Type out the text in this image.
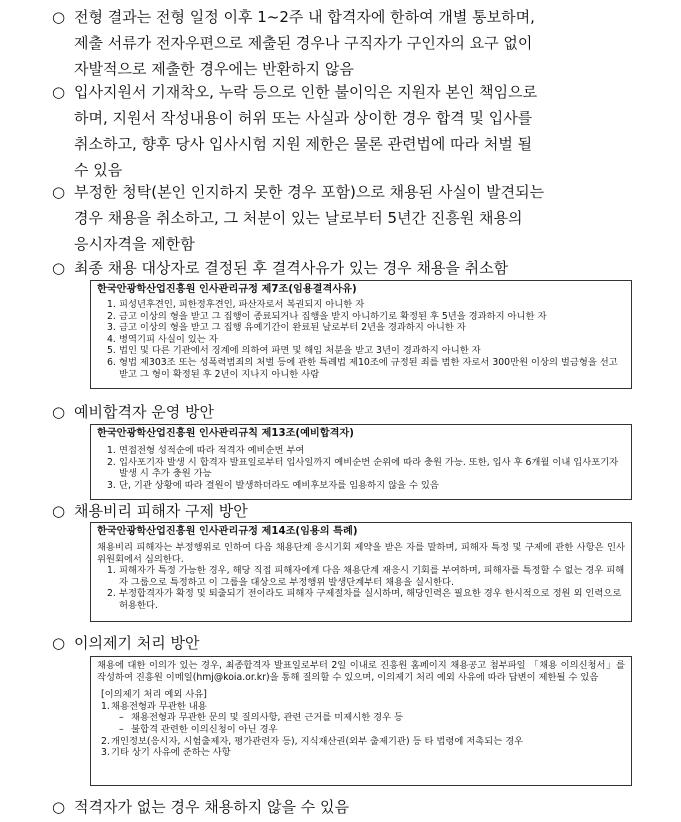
○ 전형 결과는 전형 일정 이후 1~2주 내 합격자에 한하여 개별 통보하며,

제출 서류가 전자우편으로 제출된 경우나 구직자가 구인자의 요구 없이

자발적으로 제출한 경우에는 반환하지 않음

○ 입사지원서 기재착오, 누락 등으로 인한 불이익은 지원자 본인 책임으로

하며, 지원서 작성내용이 허위 또는 사실과 상이한 경우 합격 및 입사를

취소하고, 향후 당사 입사시험 지원 제한은 물론 관련법에 따라 처벌 될

수 있음

○ 부정한 청탁(본인 인지하지 못한 경우 포함)으로 채용된 사실이 발견되는

경우 채용을 취소하고, 그 처분이 있는 날로부터 5년간 진흥원 채용의

응시자격을 제한함

○ 최종 채용 대상자로 결정된 후 결격사유가 있는 경우 채용을 취소함

한국안광학산업진흥원 인사관리규정 제7조(임용결격사유)
1. 피성년후견인, 피한정후견인, 파산자로서 복권되지 아니한 자
2. 금고 이상의 형을 받고 그 집행이 종료되거나 집행을 받지 아니하기로 확정된 후 5년을 경과하지 아니한 자
3. 금고 이상의 형을 받고 그 집행 유예기간이 완료된 날로부터 2년을 경과하지 아니한 자
4. 병역기피 사실이 있는 자
5. 법인 및 다른 기관에서 징계에 의하여 파면 및 해임 처분을 받고 3년이 경과하지 아니한 자
6. 형법 제303조 또는 성폭력범죄의 처벌 등에 관한 특례법 제10조에 규정된 죄를 범한 자로서 300만원 이상의 벌금형을 선고받고 그 형이 확정된 후 2년이 지나지 아니한 사람
○ 예비합격자 운영 방안
한국안광학산업진흥원 인사관리규칙 제13조(예비합격자)
1. 면접전형 성적순에 따라 적격자 예비순번 부여
2. 입사포기자 발생 시 합격자 발표일로부터 입사일까지 예비순번 순위에 따라 충원 가능. 또한, 입사 후 6개월 이내 입사포기자 발생 시 추가 충원 가능
3. 단, 기관 상황에 따라 결원이 발생하더라도 예비후보자를 임용하지 않을 수 있음
○ 채용비리 피해자 구제 방안
한국안광학산업진흥원 인사관리규정 제14조(임용의 특례)
채용비리 피해자는 부정행위로 인하여 다음 채용단계 응시기회 제약을 받은 자를 말하며, 피해자 특정 및 구제에 관한 사항은 인사위원회에서 심의한다.
1. 피해자가 특정 가능한 경우, 해당 직접 피해자에게 다음 채용단계 재응시 기회를 부여하며, 피해자를 특정할 수 없는 경우 피해자 그룹으로 특정하고 이 그룹을 대상으로 부정행위 발생단계부터 채용을 실시한다.
2. 부정합격자가 확정 및 퇴출되기 전이라도 피해자 구제절차를 실시하며, 해당인력은 필요한 경우 한시적으로 정원 외 인력으로 허용한다.
○ 이의제기 처리 방안
채용에 대한 이의가 있는 경우, 최종합격자 발표일로부터 2일 이내로 진흥원 홈페이지 채용공고 첨부파일 「채용 이의신청서」를 작성하여 진흥원 이메일(hmj@koia.or.kr)을 통해 질의할 수 있으며, 이의제기 처리 예외 사유에 따라 답변이 제한될 수 있음
[이의제기 처리 예외 사유]
1. 채용전형과 무관한 내용
– 채용전형과 무관한 문의 및 질의사항, 관련 근거를 미제시한 경우 등
– 불합격 관련한 이의신청이 아닌 경우
2. 개인정보(응시자, 시험출제자, 평가관련자 등), 지식재산권(외부 출제기관) 등 타 법령에 저촉되는 경우
3. 기타 상기 사유에 준하는 사항
○ 적격자가 없는 경우 채용하지 않을 수 있음
